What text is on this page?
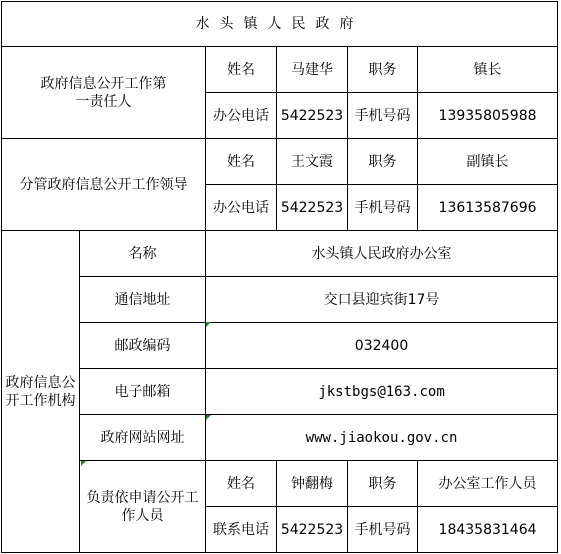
水头镇人民政府					
政府信息公开工作第一责任人		姓名	马建华	职务	镇长
		办公电话	5422523	手机号码	13935805988
分管政府信息公开工作领导		姓名	王文霞	职务	副镇长
		办公电话	5422523	手机号码	13613587696
政府信息公开工作机构	名称	水头镇人民政府办公室			
	通信地址	交口县迎宾街17号			
	邮政编码	032400			
	电子邮箱	jkstbgs@163.com			
	政府网站网址	www.jiaokou.gov.cn			
	负责依申请公开工作人员	姓名	钟翻梅	职务	办公室工作人员
		联系电话	5422523	手机号码	18435831464
